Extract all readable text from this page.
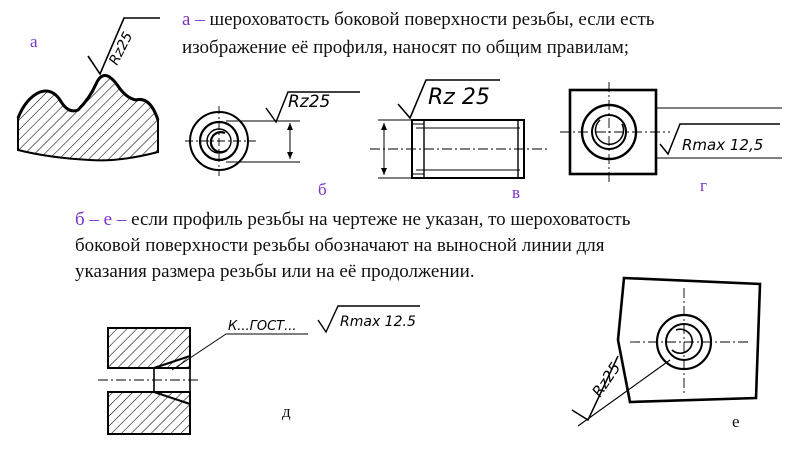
а – шероховатость боковой поверхности резьбы, если есть
изображение её профиля, наносят по общим правилам;
б – е – если профиль резьбы на чертеже не указан, то шероховатость
боковой поверхности резьбы обозначают на выносной линии для
указания размера резьбы или на её продолжении.
а
б	в	г
д
е
Rz25
Rz25	Rz 25
Rmax 12,5
К...ГОСТ...	Rmax 12.5
Rz25
